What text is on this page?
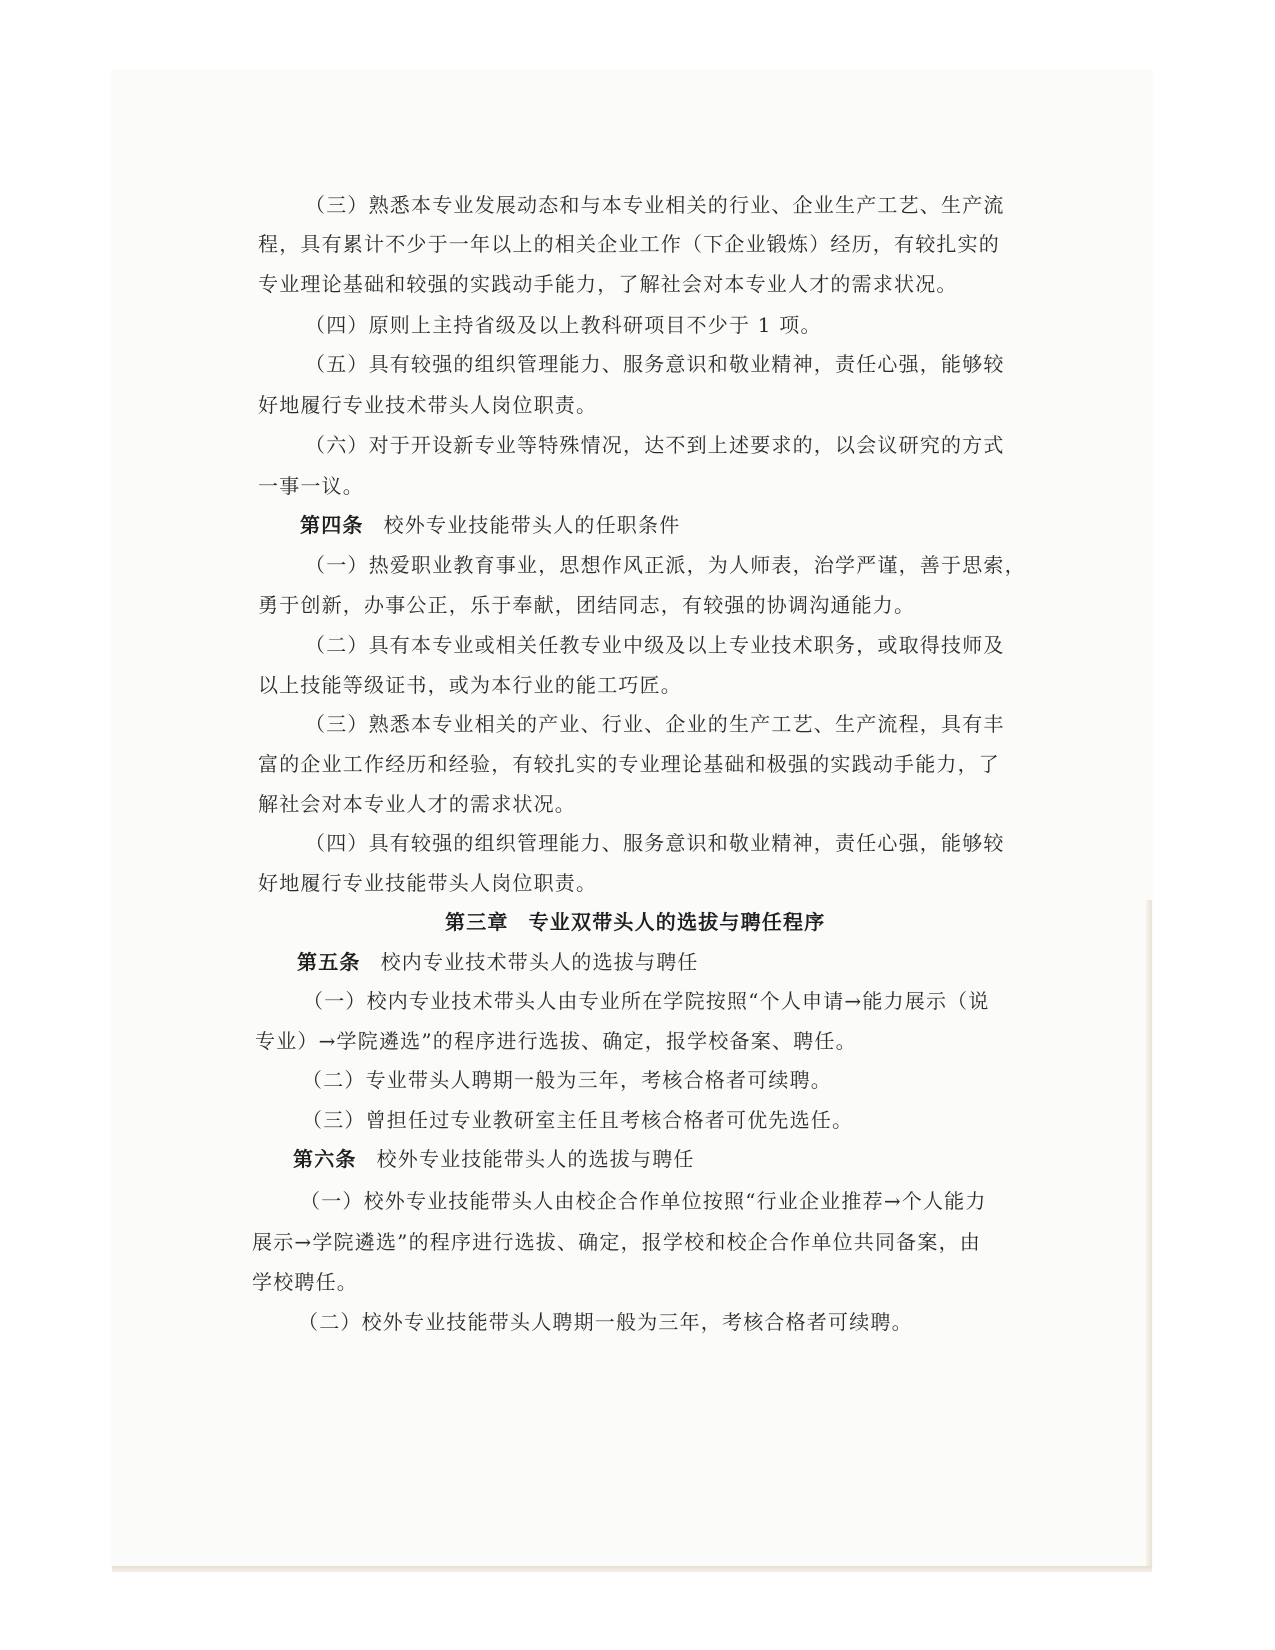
（三）熟悉本专业发展动态和与本专业相关的行业、企业生产工艺、生产流
程，具有累计不少于一年以上的相关企业工作（下企业锻炼）经历，有较扎实的
专业理论基础和较强的实践动手能力，了解社会对本专业人才的需求状况。
（四）原则上主持省级及以上教科研项目不少于 1 项。
（五）具有较强的组织管理能力、服务意识和敬业精神，责任心强，能够较
好地履行专业技术带头人岗位职责。
（六）对于开设新专业等特殊情况，达不到上述要求的，以会议研究的方式
一事一议。
第四条 校外专业技能带头人的任职条件
（一）热爱职业教育事业，思想作风正派，为人师表，治学严谨，善于思索，
勇于创新，办事公正，乐于奉献，团结同志，有较强的协调沟通能力。
（二）具有本专业或相关任教专业中级及以上专业技术职务，或取得技师及
以上技能等级证书，或为本行业的能工巧匠。
（三）熟悉本专业相关的产业、行业、企业的生产工艺、生产流程，具有丰
富的企业工作经历和经验，有较扎实的专业理论基础和极强的实践动手能力，了
解社会对本专业人才的需求状况。
（四）具有较强的组织管理能力、服务意识和敬业精神，责任心强，能够较
好地履行专业技能带头人岗位职责。
第三章 专业双带头人的选拔与聘任程序
第五条 校内专业技术带头人的选拔与聘任
（一）校内专业技术带头人由专业所在学院按照“个人申请→能力展示（说
专业）→学院遴选”的程序进行选拔、确定，报学校备案、聘任。
（二）专业带头人聘期一般为三年，考核合格者可续聘。
（三）曾担任过专业教研室主任且考核合格者可优先选任。
第六条 校外专业技能带头人的选拔与聘任
（一）校外专业技能带头人由校企合作单位按照“行业企业推荐→个人能力
展示→学院遴选”的程序进行选拔、确定，报学校和校企合作单位共同备案，由
学校聘任。
（二）校外专业技能带头人聘期一般为三年，考核合格者可续聘。
